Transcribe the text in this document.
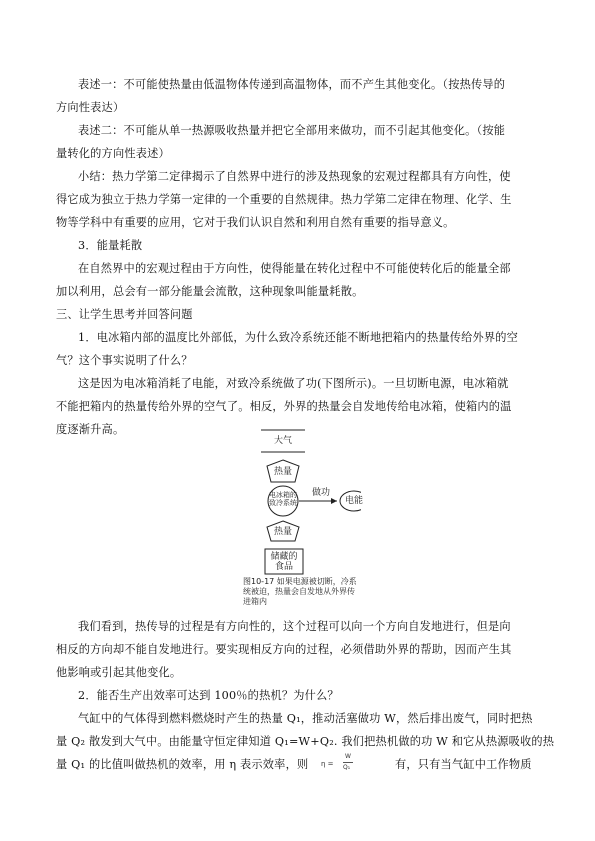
表述一：不可能使热量由低温物体传递到高温物体，而不产生其他变化。（按热传导的
方向性表达）
表述二：不可能从单一热源吸收热量并把它全部用来做功，而不引起其他变化。（按能
量转化的方向性表述）
小结：热力学第二定律揭示了自然界中进行的涉及热现象的宏观过程都具有方向性，使
得它成为独立于热力学第一定律的一个重要的自然规律。热力学第二定律在物理、化学、生
物等学科中有重要的应用，它对于我们认识自然和利用自然有重要的指导意义。
3．能量耗散
在自然界中的宏观过程由于方向性，使得能量在转化过程中不可能使转化后的能量全部
加以利用，总会有一部分能量会流散，这种现象叫能量耗散。
三、让学生思考并回答问题
1．电冰箱内部的温度比外部低，为什么致冷系统还能不断地把箱内的热量传给外界的空
气？这个事实说明了什么？
这是因为电冰箱消耗了电能，对致冷系统做了功(下图所示)。一旦切断电源，电冰箱就
不能把箱内的热量传给外界的空气了。相反，外界的热量会自发地传给电冰箱，使箱内的温
度逐渐升高。
大气
热量
电冰箱的致冷系统
做功
电能
热量
储藏的食品
图10-17 如果电源被切断，冷系统被迫，热量会自发地从外界传进箱内
我们看到，热传导的过程是有方向性的，这个过程可以向一个方向自发地进行，但是向
相反的方向却不能自发地进行。要实现相反方向的过程，必须借助外界的帮助，因而产生其
他影响或引起其他变化。
2．能否生产出效率可达到 100％的热机？为什么？
气缸中的气体得到燃料燃烧时产生的热量 Q₁，推动活塞做功 W，然后排出废气，同时把热
量 Q₂ 散发到大气中。由能量守恒定律知道 Q₁=W+Q₂. 我们把热机做的功 W 和它从热源吸收的热
量 Q₁ 的比值叫做热机的效率，用 η 表示效率，则	有，只有当气缸中工作物质
η =
W
Q₁
